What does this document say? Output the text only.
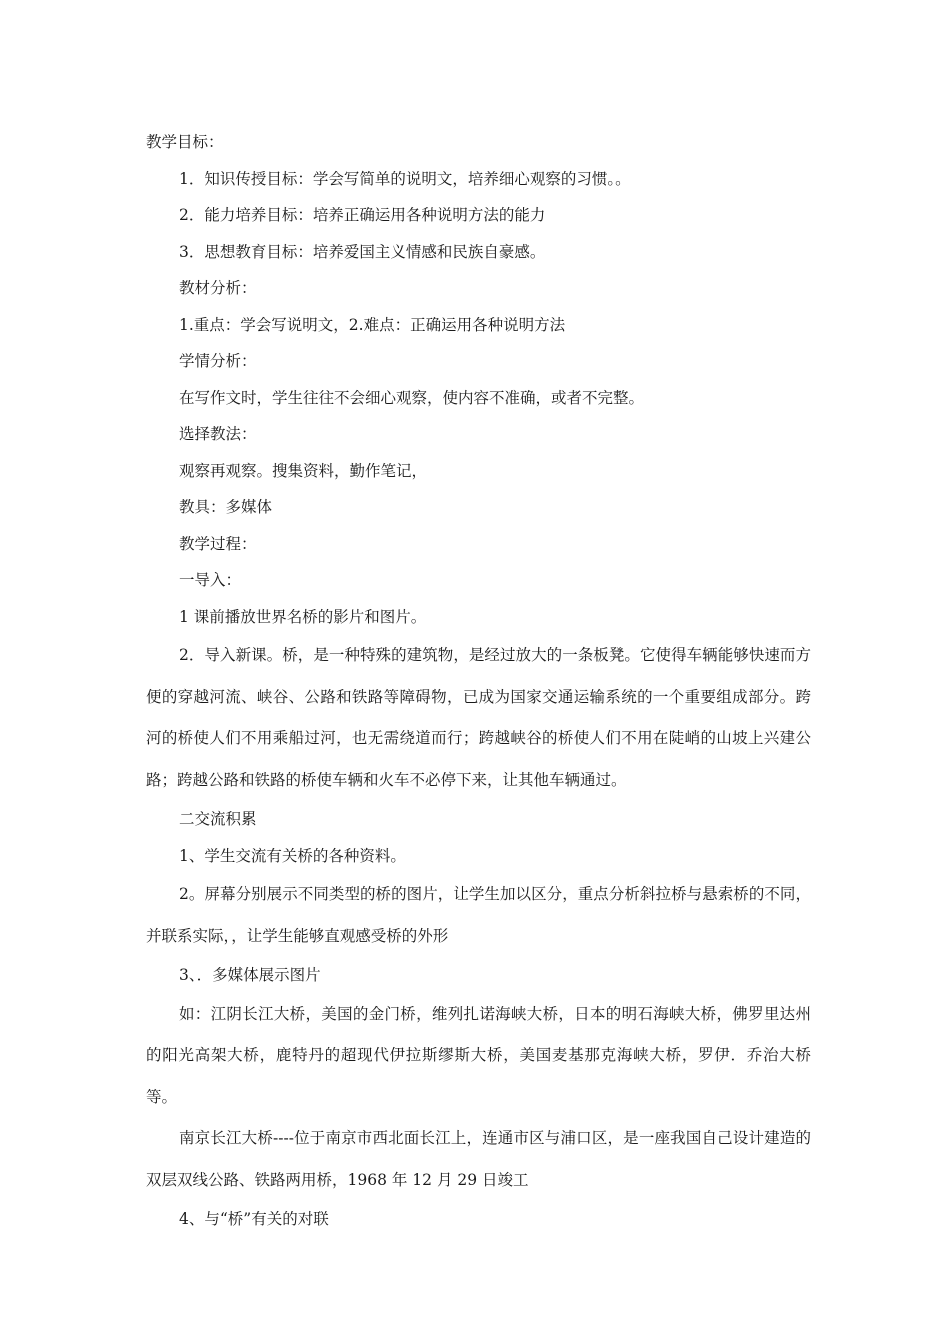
教学目标：

1．知识传授目标：学会写简单的说明文，培养细心观察的习惯。。

2．能力培养目标：培养正确运用各种说明方法的能力

3．思想教育目标：培养爱国主义情感和民族自豪感。

教材分析：

1.重点：学会写说明文，2.难点：正确运用各种说明方法

学情分析：

在写作文时，学生往往不会细心观察，使内容不准确，或者不完整。

选择教法：

观察再观察。搜集资料，勤作笔记，

教具：多媒体

教学过程：

一导入：

1 课前播放世界名桥的影片和图片。

2．导入新课。桥，是一种特殊的建筑物，是经过放大的一条板凳。它使得车辆能够快速而方便的穿越河流、峡谷、公路和铁路等障碍物，已成为国家交通运输系统的一个重要组成部分。跨河的桥使人们不用乘船过河，也无需绕道而行；跨越峡谷的桥使人们不用在陡峭的山坡上兴建公路；跨越公路和铁路的桥使车辆和火车不必停下来，让其他车辆通过。

二交流积累

1、学生交流有关桥的各种资料。

2。屏幕分别展示不同类型的桥的图片，让学生加以区分，重点分析斜拉桥与悬索桥的不同，并联系实际，，让学生能够直观感受桥的外形

3、．多媒体展示图片

如：江阴长江大桥，美国的金门桥，维列扎诺海峡大桥，日本的明石海峡大桥，佛罗里达州的阳光高架大桥，鹿特丹的超现代伊拉斯缪斯大桥，美国麦基那克海峡大桥，罗伊．乔治大桥等。

南京长江大桥----位于南京市西北面长江上，连通市区与浦口区，是一座我国自己设计建造的双层双线公路、铁路两用桥，1968 年 12 月 29 日竣工

4、与“桥”有关的对联
